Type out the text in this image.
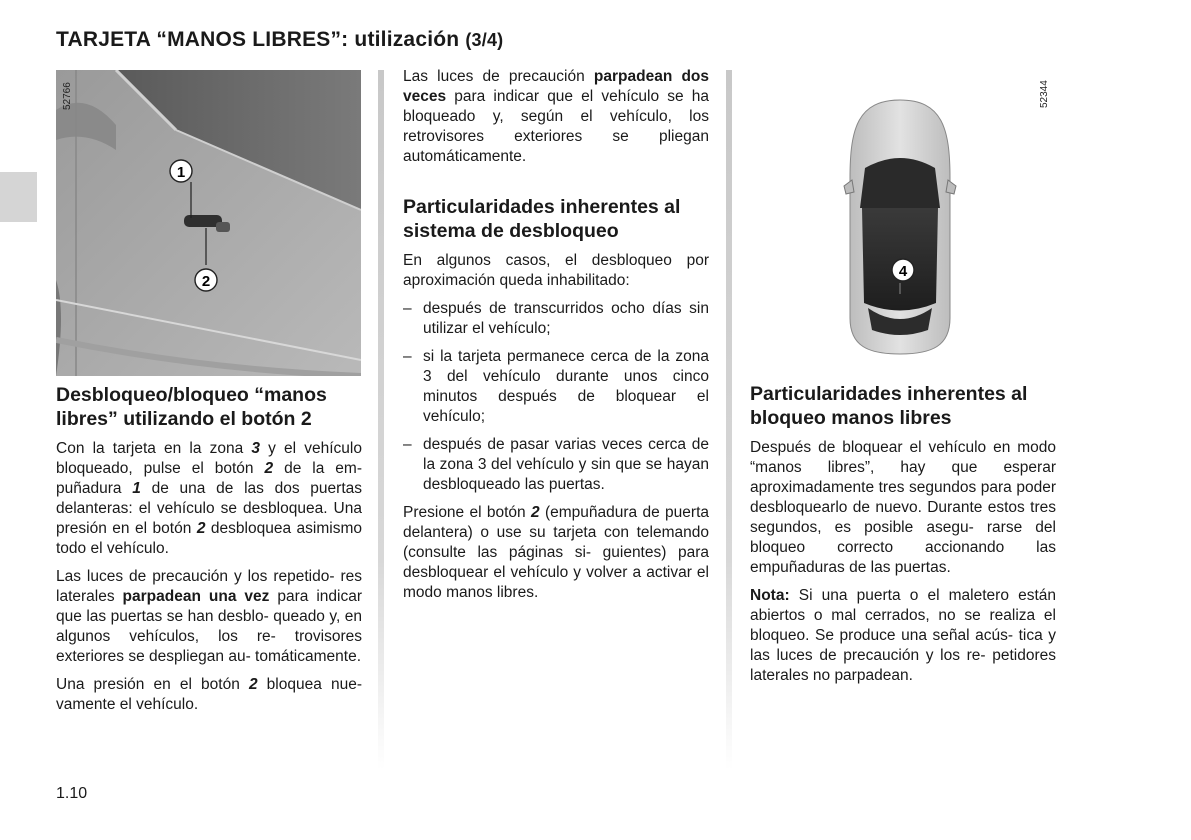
TARJETA “MANOS LIBRES”: utilización (3/4)
1
2
52766
Desbloqueo/bloqueo “manos libres” utilizando el botón 2

Con la tarjeta en la zona 3 y el vehículo bloqueado, pulse el botón 2 de la em- puñadura 1 de una de las dos puertas delanteras: el vehículo se desbloquea. Una presión en el botón 2 desbloquea asimismo todo el vehículo.

Las luces de precaución y los repetido- res laterales parpadean una vez para indicar que las puertas se han desblo- queado y, en algunos vehículos, los re- trovisores exteriores se despliegan au- tomáticamente.

Una presión en el botón 2 bloquea nue- vamente el vehículo.

Las luces de precaución parpadean dos veces para indicar que el vehículo se ha bloqueado y, según el vehículo, los retrovisores exteriores se pliegan automáticamente.

Particularidades inherentes al sistema de desbloqueo

En algunos casos, el desbloqueo por aproximación queda inhabilitado:

– después de transcurridos ocho días sin utilizar el vehículo;
– si la tarjeta permanece cerca de la zona 3 del vehículo durante unos cinco minutos después de bloquear el vehículo;
– después de pasar varias veces cerca de la zona 3 del vehículo y sin que se hayan desbloqueado las puertas.

Presione el botón 2 (empuñadura de puerta delantera) o use su tarjeta con telemando (consulte las páginas si- guientes) para desbloquear el vehículo y volver a activar el modo manos libres.

4
52344
Particularidades inherentes al bloqueo manos libres

Después de bloquear el vehículo en modo “manos libres”, hay que esperar aproximadamente tres segundos para poder desbloquearlo de nuevo. Durante estos tres segundos, es posible asegu- rarse del bloqueo correcto accionando las empuñaduras de las puertas.

Nota: Si una puerta o el maletero están abiertos o mal cerrados, no se realiza el bloqueo. Se produce una señal acús- tica y las luces de precaución y los re- petidores laterales no parpadean.

1.10
